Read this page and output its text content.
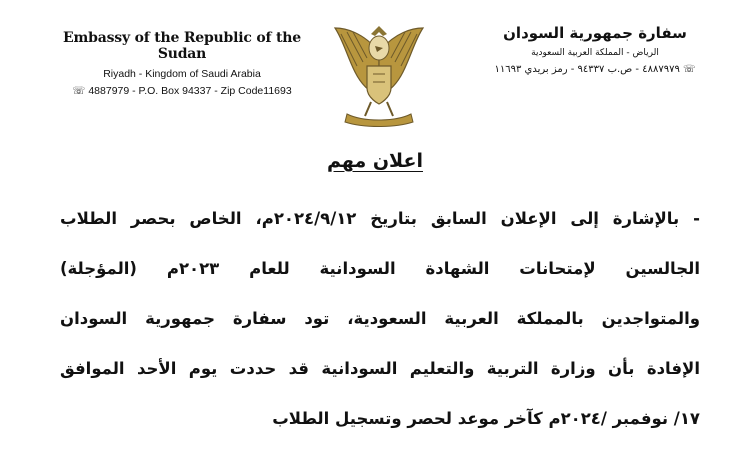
Embassy of the Republic of the Sudan
Riyadh - Kingdom of Saudi Arabia
☏ 4887979 - P.O. Box 94337 - Zip Code11693
سفارة جمهورية السودان
الرياض - المملكة العربية السعودية
☏ ٤٨٨٧٩٧٩ - ص.ب ٩٤٣٣٧ - رمز بريدي ١١٦٩٣
اعلان مهم
-بالإشارة إلى الإعلان السابق بتاريخ ٢٠٢٤/٩/١٢م، الخاص بحصر الطلاب
الجالسين لإمتحانات الشهادة السودانية للعام ٢٠٢٣م (المؤجلة)
والمتواجدين بالمملكة العربية السعودية، تود سفارة جمهورية السودان
الإفادة بأن وزارة التربية والتعليم السودانية قد حددت يوم الأحد الموافق
١٧/ نوفمبر /٢٠٢٤م كآخر موعد لحصر وتسجيل الطلاب
